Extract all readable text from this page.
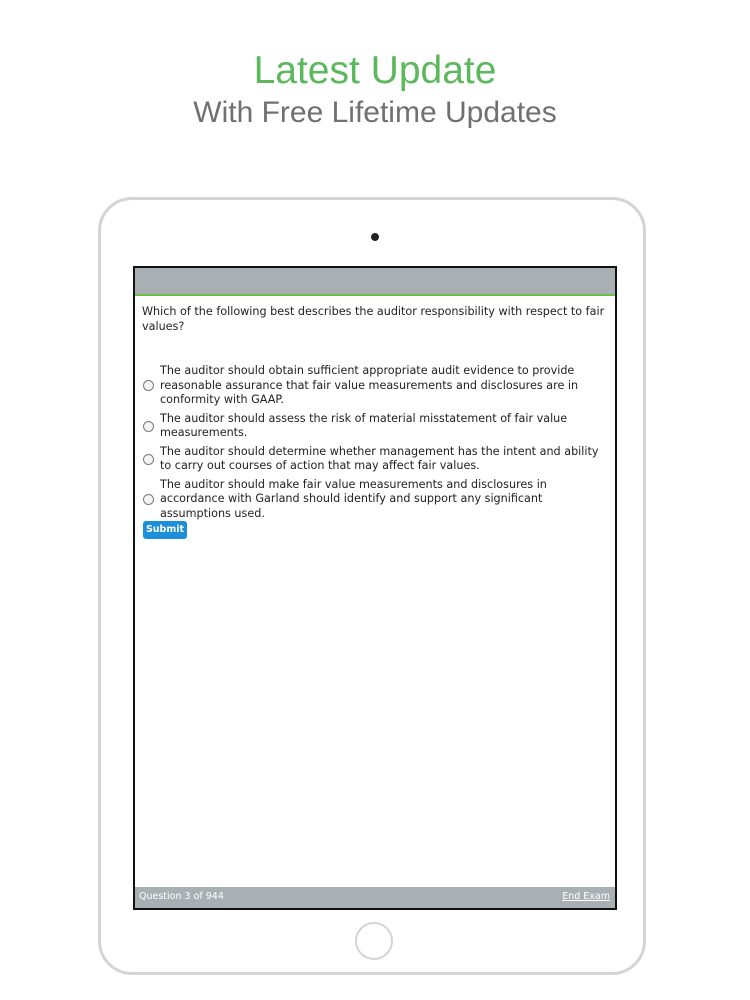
Latest Update
With Free Lifetime Updates

Which of the following best describes the auditor responsibility with respect to fair values?

The auditor should obtain sufficient appropriate audit evidence to provide reasonable assurance that fair value measurements and disclosures are in conformity with GAAP.
The auditor should assess the risk of material misstatement of fair value measurements.
The auditor should determine whether management has the intent and ability to carry out courses of action that may affect fair values.
The auditor should make fair value measurements and disclosures in accordance with Garland should identify and support any significant assumptions used.
Submit
Question 3 of 944	End Exam
